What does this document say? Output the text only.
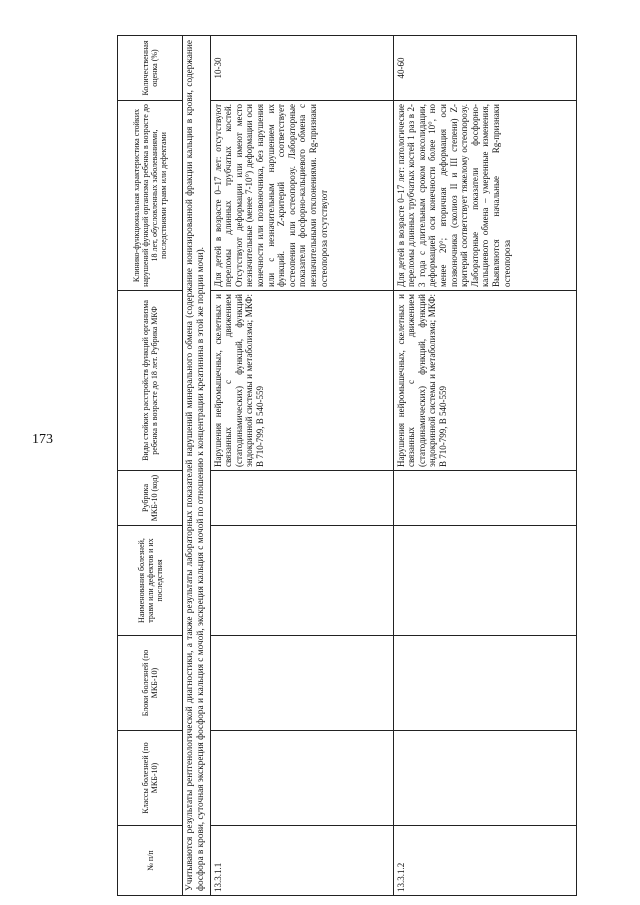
173
№ п/п	Классы болезней (по МКБ-10)	Блоки болезней (по МКБ-10)	Наименования болезней, травм или дефектов и их последствия	Рубрика МКБ-10 (код)	Виды стойких расстройств функций организма ребенка в возрасте до 18 лет. Рубрика МКФ	Клинико-функциональная характеристика стойких нарушений функций организма ребенка в возрасте до 18 лет, обусловленных заболеваниями, последствиями травм или дефектами	Количественная оценка (%)
Учитываются результаты рентгенологической диагностики, а также результаты лабораторных показателей нарушений минерального обмена (содержание ионизированной фракции кальция в крови, содержание фосфора в крови, суточная экскреция фосфора и кальция с мочой, экскреция кальция с мочой по отношению к концентрации креатинина в этой же порции мочи).							
13.3.1.1					Нарушения нейромышечных, скелетных и связанных с движением (статодинамических) функций, функций эндокринной системы и метаболизма; МКФ: В 710-799, В 540-559	Для детей в возрасте 0–17 лет: отсутствуют переломы длинных трубчатых костей. Отсутствуют деформации или имеют место незначительные (менее 7-10°) деформации оси конечности или позвоночника, без нарушения или с незначительным нарушением их функций. Z-критерий соответствует остеопении или остеопорозу. Лабораторные показатели фосфорно-кальциевого обмена с незначительными отклонениями. Rg-признаки остеопороза отсутствуют	10-30
13.3.1.2					Нарушения нейромышечных, скелетных и связанных с движением (статодинамических) функций, функций эндокринной системы и метаболизма; МКФ: В 710-799, В 540-559	Для детей в возрасте 0–17 лет: патологические переломы длинных трубчатых костей 1 раз в 2-3 года с длительным сроком консолидации, деформацией оси конечности более 10°, но менее 20°; вторичная деформация оси позвоночника (сколиоз II и III степени) Z-критерий соответствует тяжелому остеопорозу. Лабораторные показатели фосфорно-кальциевого обмена – умеренные изменения, Выявляются начальные Rg-признаки остеопороза	40-60
